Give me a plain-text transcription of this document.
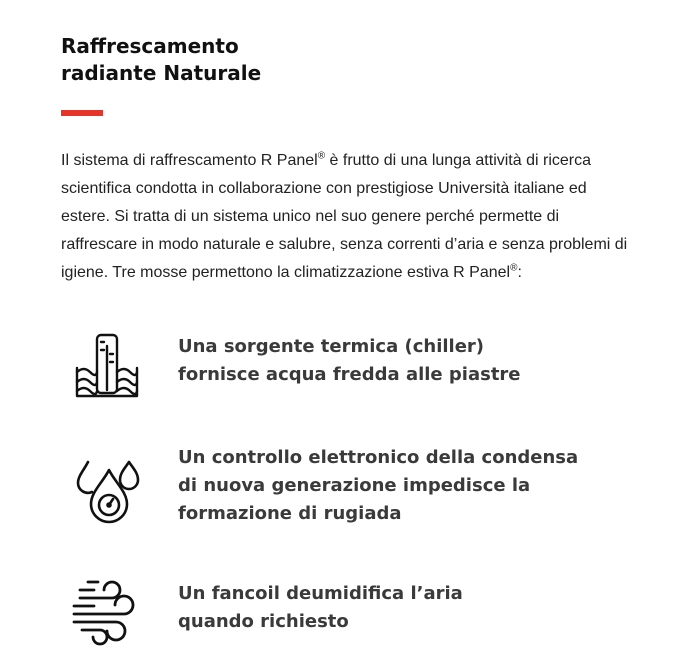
Raffrescamento
radiante Naturale

Il sistema di raffrescamento R Panel® è frutto di una lunga attività di ricerca scientifica condotta in collaborazione con prestigiose Università italiane ed estere. Si tratta di un sistema unico nel suo genere perché permette di raffrescare in modo naturale e salubre, senza correnti d’aria e senza problemi di igiene. Tre mosse permettono la climatizzazione estiva R Panel®:

Una sorgente termica (chiller)
fornisce acqua fredda alle piastre
Un controllo elettronico della condensa
di nuova generazione impedisce la
formazione di rugiada
Un fancoil deumidifica l’aria
quando richiesto
